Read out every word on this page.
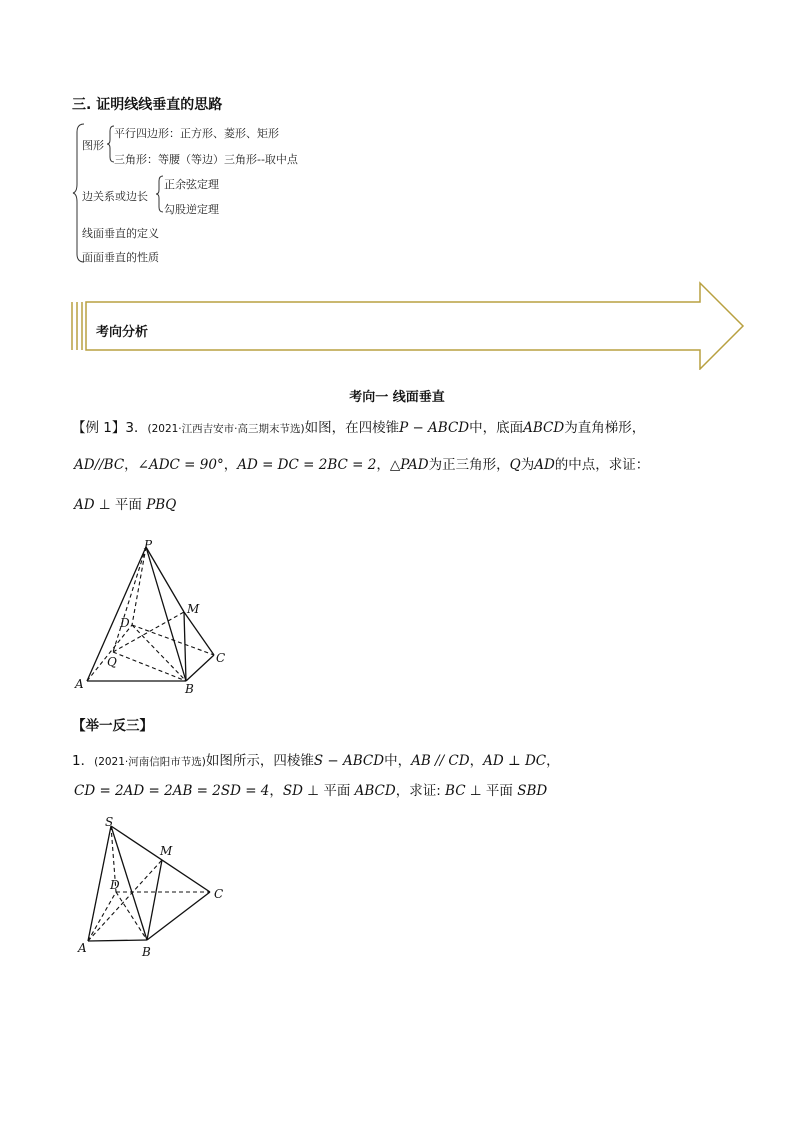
三. 证明线线垂直的思路
图形
平行四边形：正方形、菱形、矩形
三角形：等腰（等边）三角形--取中点
边关系或边长
正余弦定理
勾股逆定理
线面垂直的定义
面面垂直的性质
考向分析
考向一 线面垂直
【例 1】3．(2021·江西吉安市·高三期末节选)如图，在四棱锥P − ABCD中，底面ABCD为直角梯形，
AD//BC，∠ADC = 90°，AD = DC = 2BC = 2，△PAD为正三角形，Q为AD的中点，求证：
AD ⊥ 平面 PBQ
P
M
D
C
Q
A	B
【举一反三】
1．(2021·河南信阳市节选)如图所示，四棱锥S − ABCD中，AB // CD，AD ⊥ DC，
CD = 2AD = 2AB = 2SD = 4，SD ⊥ 平面 ABCD，求证: BC ⊥ 平面 SBD
S
M
D
C
A	B
